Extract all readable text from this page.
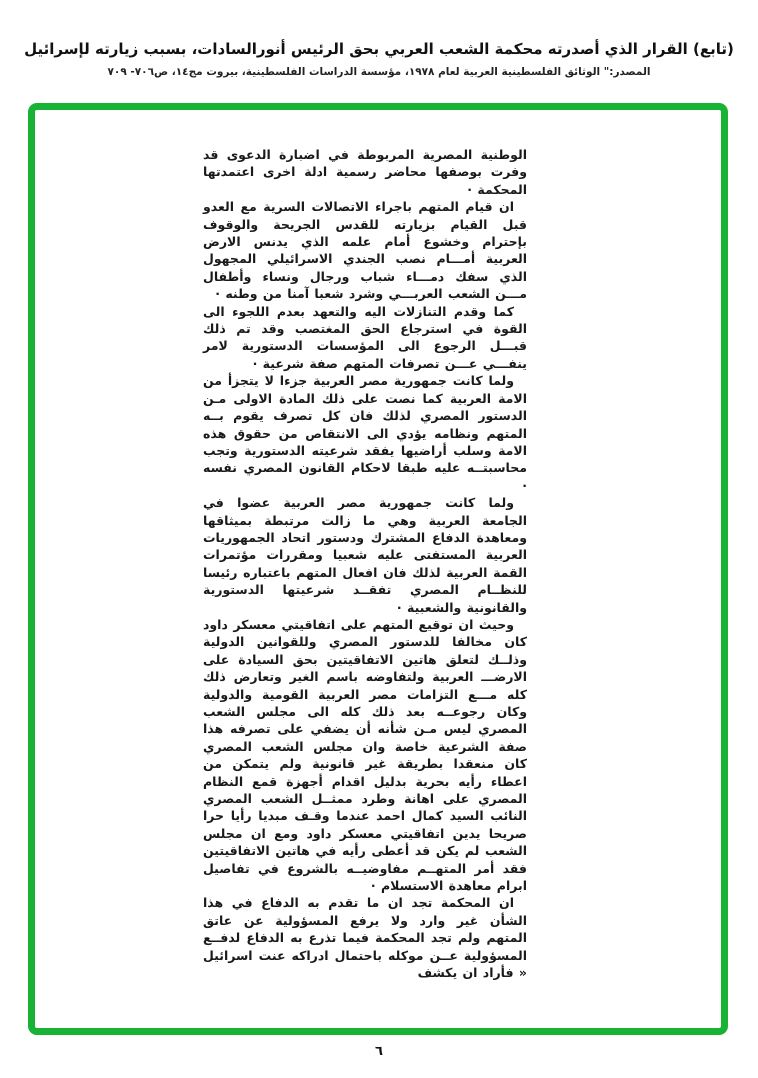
(تابع) القرار الذي أصدرته محكمة الشعب العربي بحق الرئيس أنورالسادات، بسبب زيارته لإسرائيل
المصدر:" الوثائق الفلسطينية العربية لعام ١٩٧٨، مؤسسة الدراسات الفلسطينية، بيروت مج١٤، ص٧٠٦- ٧٠٩

الوطنية المصرية المربوطة في اضبارة الدعوى قد وفرت بوصفها محاضر رسمية ادلة اخرى اعتمدتها المحكمة ·

ان قيام المتهم باجراء الاتصالات السرية مع العدو قبل القيام بزيارته للقدس الجريحة والوقوف بإحترام وخشوع أمام علمه الذي يدنس الارض العربية أمـــام نصب الجندي الاسرائيلي المجهول الذي سفك دمـــاء شباب ورجال ونساء وأطفال مـــن الشعب العربـــي وشرد شعبا آمنا من وطنه ·

كما وقدم التنازلات اليه والتعهد بعدم اللجوء الى القوة في استرجاع الحق المغتصب وقد تم ذلك قبـــل الرجوع الى المؤسسات الدستورية لامر ينفـــي عـــن تصرفات المتهم صفة شرعية ·

ولما كانت جمهورية مصر العربية جزءا لا يتجزأ من الامة العربية كما نصت على ذلك المادة الاولى مـن الدستور المصري لذلك فان كل تصرف يقوم بــه المتهم ونظامه يؤدي الى الانتقاص من حقوق هذه الامة وسلب أراضيها يفقد شرعيته الدستورية وتجب محاسبتــه عليه طبقا لاحكام القانون المصري نفسه ·

ولما كانت جمهورية مصر العربية عضوا في الجامعة العربية وهي ما زالت مرتبطة بميثاقها ومعاهدة الدفاع المشترك ودستور اتحاد الجمهوريات العربية المستفتى عليه شعبيا ومقررات مؤتمرات القمة العربية لذلك فان افعال المتهم باعتباره رئيسا للنظــام المصري تفقــد شرعيتها الدستورية والقانونية والشعبية ·

وحيث ان توقيع المتهم على اتفاقيتي معسكر داود كان مخالفا للدستور المصري وللقوانين الدولية وذلــك لتعلق هاتين الاتفاقيتين بحق السيادة على الارضـــ العربية ولتفاوضه باسم الغير وتعارض ذلك كله مـــع التزامات مصر العربية القومية والدولية وكان رجوعــه بعد ذلك كله الى مجلس الشعب المصري ليس مـن شأنه أن يضفي على تصرفه هذا صفة الشرعية خاصة وان مجلس الشعب المصري كان منعقدا بطريقة غير قانونية ولم يتمكن من اعطاء رأيه بحرية بدليل اقدام أجهزة قمع النظام المصري على اهانة وطرد ممثــل الشعب المصري النائب السيد كمال احمد عندما وقـف مبديا رأيا حرا صريحا يدين اتفاقيتي معسكر داود ومع ان مجلس الشعب لم يكن قد أعطى رأيه في هاتين الاتفاقيتين فقد أمر المتهــم مفاوضيــه بالشروع في تفاصيل ابرام معاهدة الاستسلام ·

ان المحكمة تجد ان ما تقدم به الدفاع في هذا الشأن غير وارد ولا يرفع المسؤولية عن عاتق المتهم ولم تجد المحكمة فيما تذرع به الدفاع لدفــع المسؤولية عــن موكله باحتمال ادراكه عنت اسرائيل « فأراد ان يكشف

٦
